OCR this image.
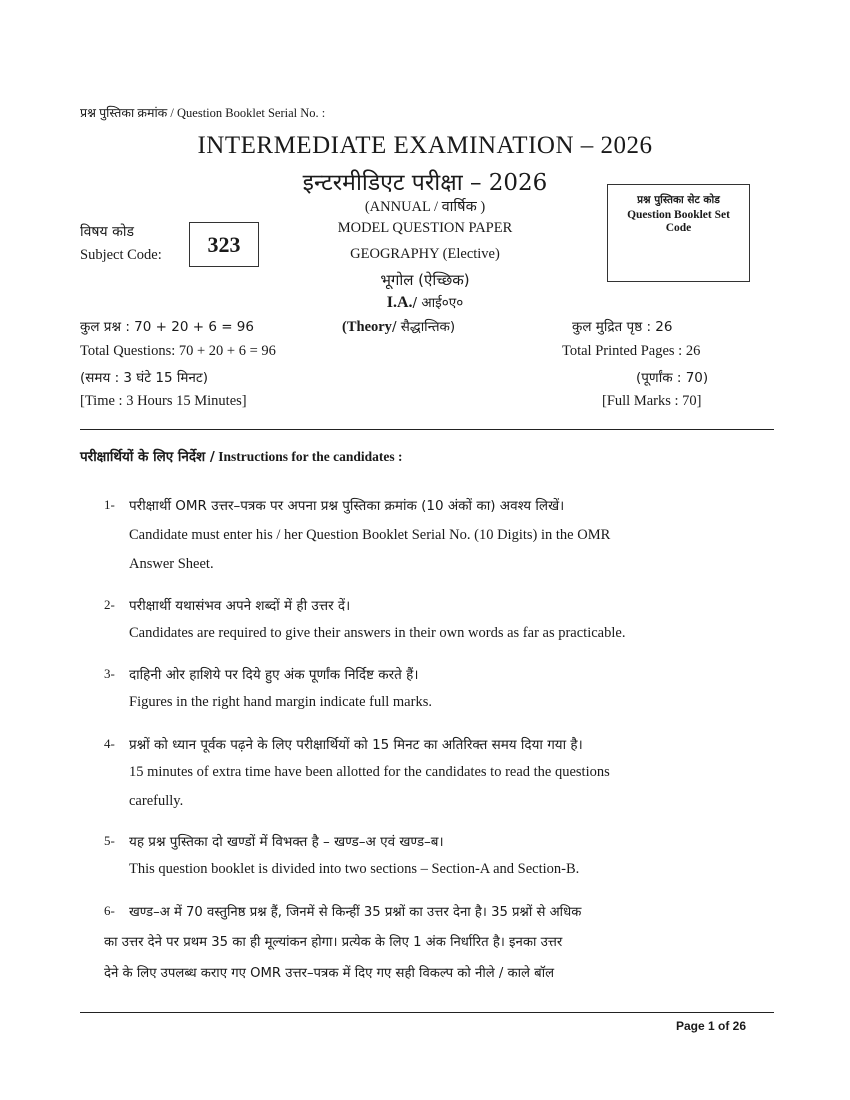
प्रश्न पुस्तिका क्रमांक / Question Booklet Serial No. :
INTERMEDIATE EXAMINATION – 2026
इन्टरमीडिएट परीक्षा – 2026
(ANNUAL / वार्षिक )
MODEL QUESTION PAPER
GEOGRAPHY (Elective)
भूगोल (ऐच्छिक)
I.A./ आई०ए०
विषय कोड
Subject Code:	323
प्रश्न पुस्तिका सेट कोड
Question Booklet Set Code
कुल प्रश्न : 70 + 20 + 6 = 96	(Theory/ सैद्धान्तिक)	कुल मुद्रित पृष्ठ : 26
Total Questions: 70 + 20 + 6 = 96	Total Printed Pages : 26
(समय : 3 घंटे 15 मिनट)	(पूर्णांक : 70)
[Time : 3 Hours 15 Minutes]	[Full Marks : 70]
परीक्षार्थियों के लिए निर्देश / Instructions for the candidates :
1- परीक्षार्थी OMR उत्तर–पत्रक पर अपना प्रश्न पुस्तिका क्रमांक (10 अंकों का) अवश्य लिखें।
Candidate must enter his / her Question Booklet Serial No. (10 Digits) in the OMR
Answer Sheet.
2- परीक्षार्थी यथासंभव अपने शब्दों में ही उत्तर दें।
Candidates are required to give their answers in their own words as far as practicable.
3- दाहिनी ओर हाशिये पर दिये हुए अंक पूर्णांक निर्दिष्ट करते हैं।
Figures in the right hand margin indicate full marks.
4- प्रश्नों को ध्यान पूर्वक पढ़ने के लिए परीक्षार्थियों को 15 मिनट का अतिरिक्त समय दिया गया है।
15 minutes of extra time have been allotted for the candidates to read the questions
carefully.
5- यह प्रश्न पुस्तिका दो खण्डों में विभक्त है – खण्ड–अ एवं खण्ड–ब।
This question booklet is divided into two sections – Section-A and Section-B.
6- खण्ड–अ में 70 वस्तुनिष्ठ प्रश्न हैं, जिनमें से किन्हीं 35 प्रश्नों का उत्तर देना है। 35 प्रश्नों से अधिक
का उत्तर देने पर प्रथम 35 का ही मूल्यांकन होगा। प्रत्येक के लिए 1 अंक निर्धारित है। इनका उत्तर
देने के लिए उपलब्ध कराए गए OMR उत्तर–पत्रक में दिए गए सही विकल्प को नीले / काले बॉल
Page 1 of 26
